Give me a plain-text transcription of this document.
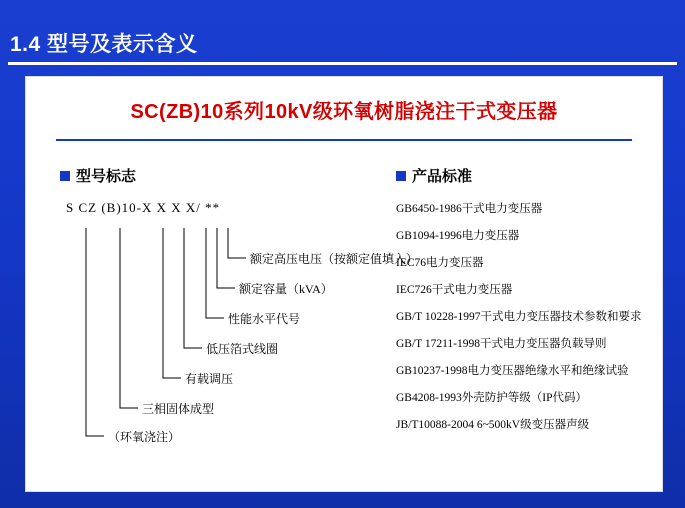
1.4 型号及表示含义
SC(ZB)10系列10kV级环氧树脂浇注干式变压器
型号标志
S CZ (B)10-X X X X/ **
额定高压电压（按额定值填入）
额定容量（kVA）
性能水平代号
低压箔式线圈
有载调压
三相固体成型
（环氧浇注）
产品标准
GB6450-1986干式电力变压器
GB1094-1996电力变压器
IEC76电力变压器
IEC726干式电力变压器
GB/T 10228-1997干式电力变压器技术参数和要求
GB/T 17211-1998干式电力变压器负载导则
GB10237-1998电力变压器绝缘水平和绝缘试验
GB4208-1993外壳防护等级（IP代码）
JB/T10088-2004 6~500kV级变压器声级
